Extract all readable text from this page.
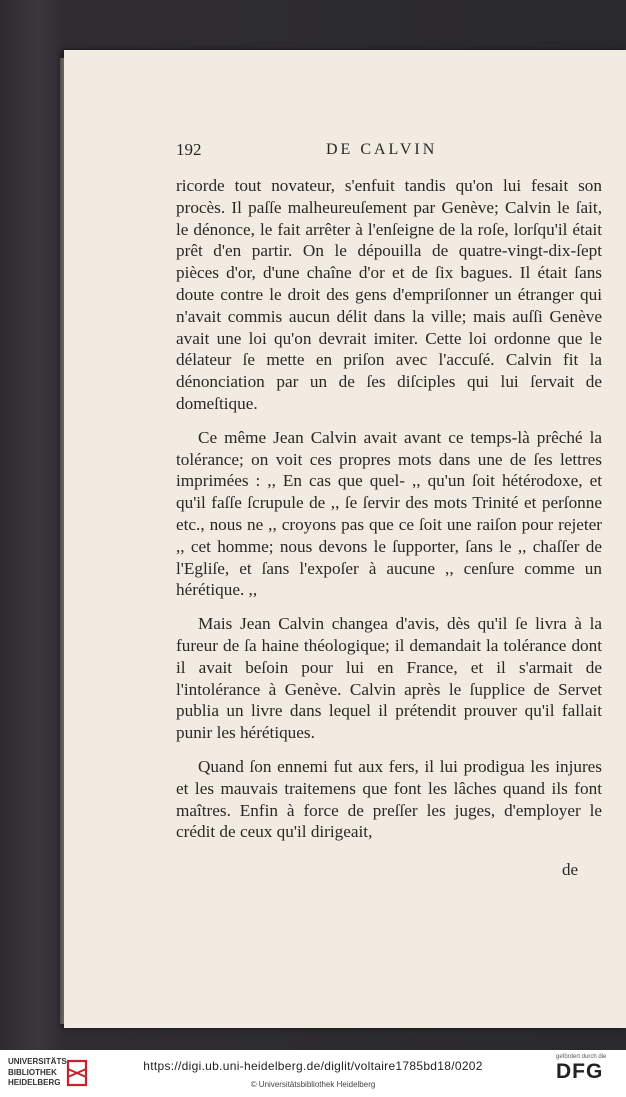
192	DE CALVIN

ricorde tout novateur, s'enfuit tandis qu'on lui fesait son procès. Il paſſe malheureuſement par Genève; Calvin le ſait, le dénonce, le fait arrêter à l'enſeigne de la roſe, lorſqu'il était prêt d'en partir. On le dépouilla de quatre-vingt-dix-ſept pièces d'or, d'une chaîne d'or et de ſix bagues. Il était ſans doute contre le droit des gens d'empriſonner un étranger qui n'avait commis aucun délit dans la ville; mais auſſi Genève avait une loi qu'on devrait imiter. Cette loi ordonne que le délateur ſe mette en priſon avec l'accuſé. Calvin fit la dénonciation par un de ſes diſciples qui lui ſervait de domeſtique.

Ce même Jean Calvin avait avant ce temps-là prêché la tolérance; on voit ces propres mots dans une de ſes lettres imprimées : ,, En cas que quel- ,, qu'un ſoit hétérodoxe, et qu'il faſſe ſcrupule de ,, ſe ſervir des mots Trinité et perſonne etc., nous ne ,, croyons pas que ce ſoit une raiſon pour rejeter ,, cet homme; nous devons le ſupporter, ſans le ,, chaſſer de l'Egliſe, et ſans l'expoſer à aucune ,, cenſure comme un hérétique. ,,

Mais Jean Calvin changea d'avis, dès qu'il ſe livra à la fureur de ſa haine théologique; il demandait la tolérance dont il avait beſoin pour lui en France, et il s'armait de l'intolérance à Genève. Calvin après le ſupplice de Servet publia un livre dans lequel il prétendit prouver qu'il fallait punir les hérétiques.

Quand ſon ennemi fut aux fers, il lui prodigua les injures et les mauvais traitemens que font les lâches quand ils font maîtres. Enfin à force de preſſer les juges, d'employer le crédit de ceux qu'il dirigeait,

de
UNIVERSITÄTS- BIBLIOTHEK HEIDELBERG
https://digi.ub.uni-heidelberg.de/diglit/voltaire1785bd18/0202
© Universitätsbibliothek Heidelberg
gefördert durch die
DFG
